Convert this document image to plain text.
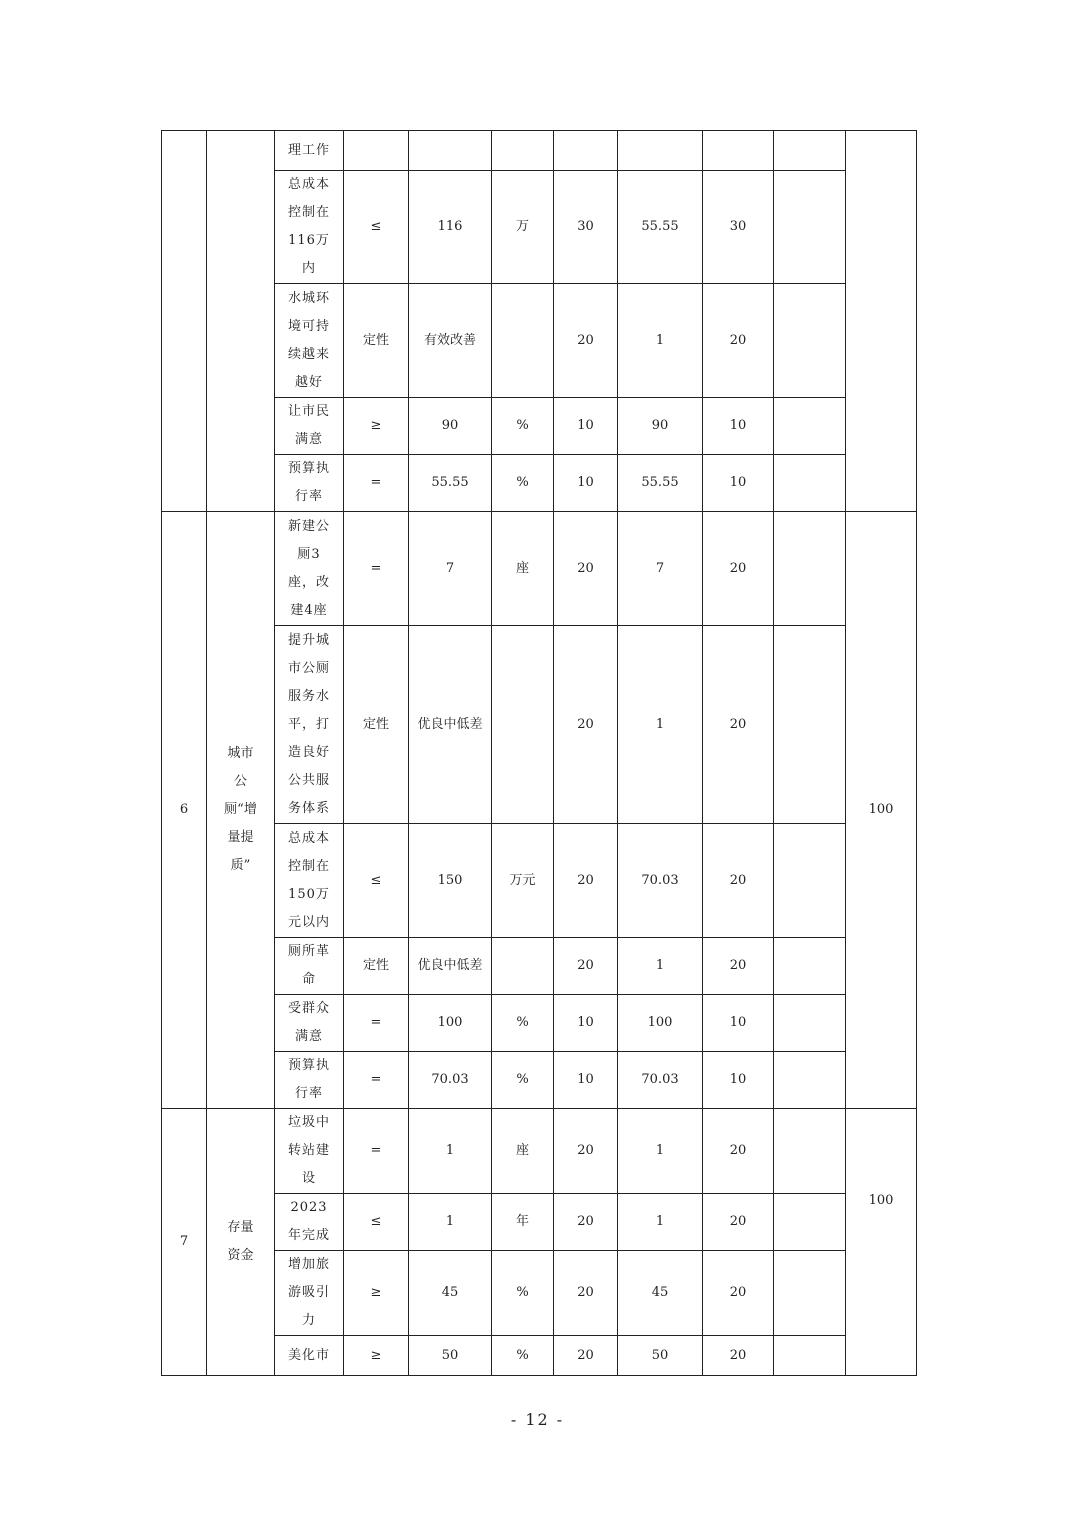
		理工作								
		总成本控制在116万内	≤	116	万	30	55.55	30		
		水城环境可持续越来越好	定性	有效改善		20	1	20		
		让市民满意	≥	90	%	10	90	10		
		预算执行率	=	55.55	%	10	55.55	10		
6	城市公厕“增量提质”	新建公厕3座，改建4座	=	7	座	20	7	20		100
		提升城市公厕服务水平，打造良好公共服务体系	定性	优良中低差		20	1	20		
		总成本控制在150万元以内	≤	150	万元	20	70.03	20		
		厕所革命	定性	优良中低差		20	1	20		
		受群众满意	=	100	%	10	100	10		
		预算执行率	=	70.03	%	10	70.03	10		
7	存量资金	垃圾中转站建设	=	1	座	20	1	20		100
		2023年完成	≤	1	年	20	1	20		
		增加旅游吸引力	≥	45	%	20	45	20		
		美化市	≥	50	%	20	50	20		
- 12 -
